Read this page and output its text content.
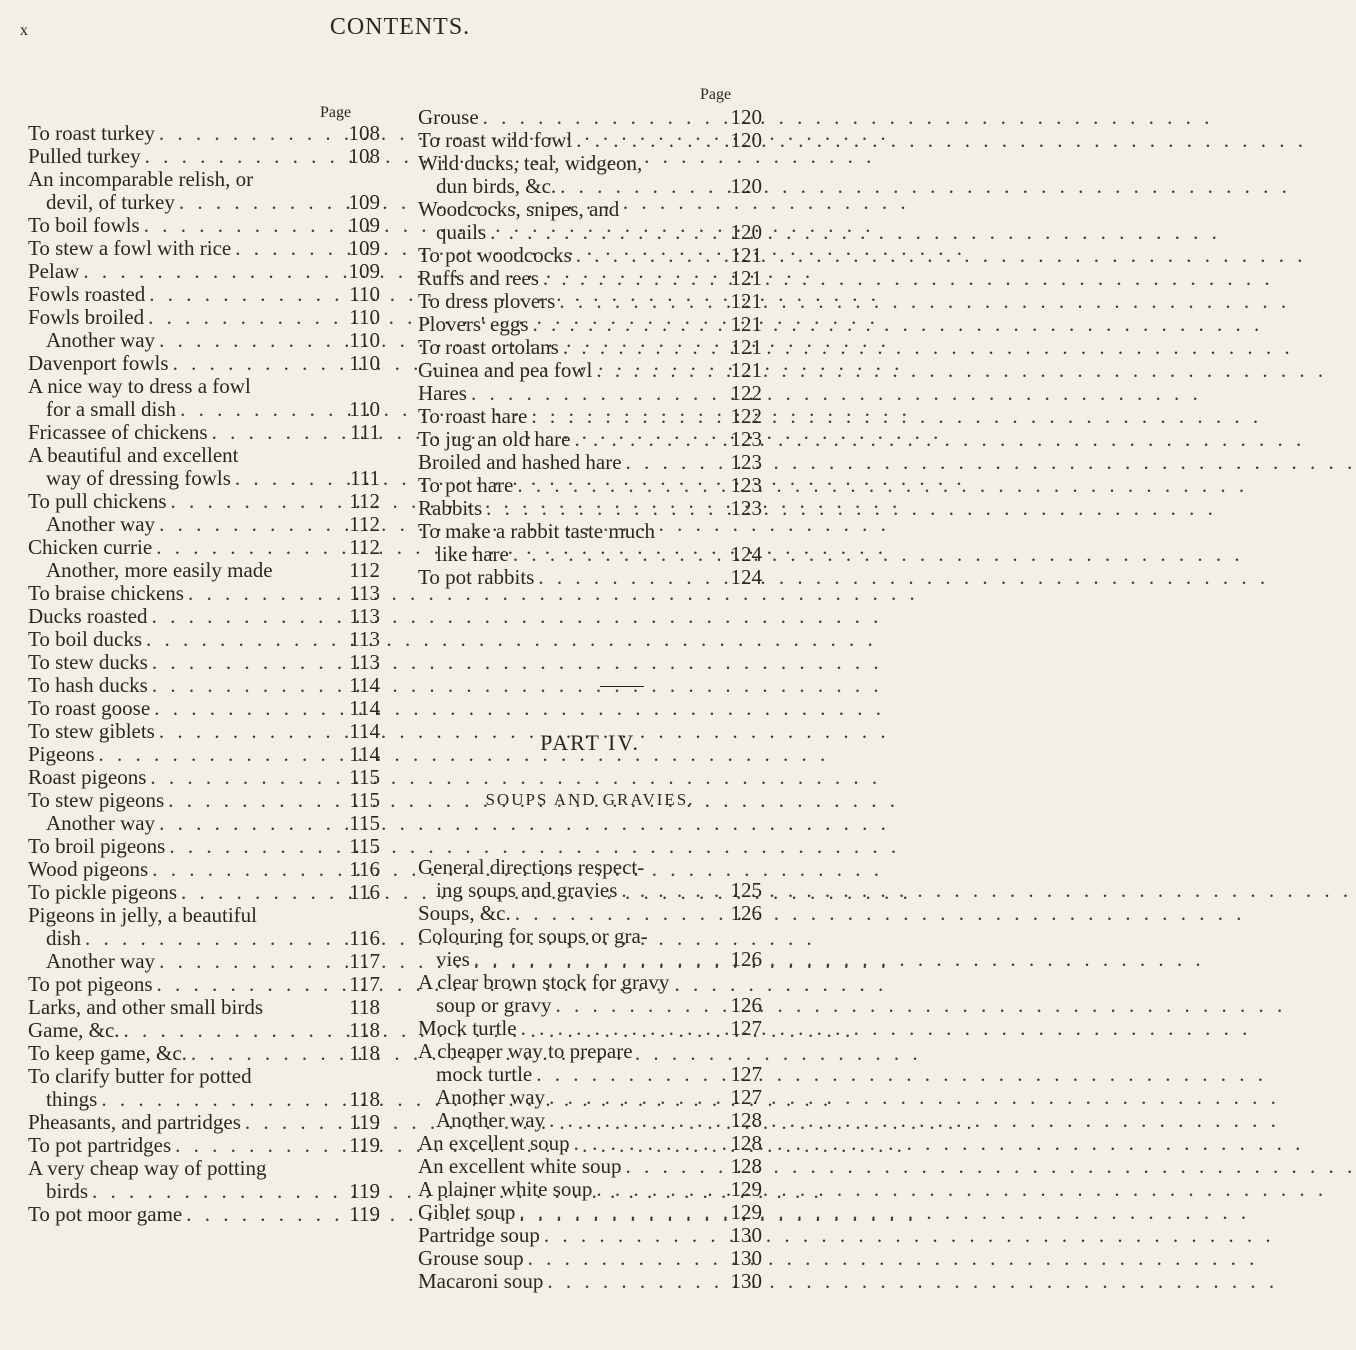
x	CONTENTS.
Page
To roast turkey . . .	108
Pulled turkey . . .	108
An incomparable relish, or
devil, of turkey . . .	109
To boil fowls . . .	109
To stew a fowl with rice . . .	109
Pelaw . . .	109
Fowls roasted . . .	110
Fowls broiled . . .	110
Another way . . .	110
Davenport fowls . . .	110
A nice way to dress a fowl
for a small dish . . .	110
Fricassee of chickens . . .	111
A beautiful and excellent
way of dressing fowls . . .	111
To pull chickens . . .	112
Another way . . .	112
Chicken currie . . .	112
Another, more easily made	112
To braise chickens . . .	113
Ducks roasted . . .	113
To boil ducks . . .	113
To stew ducks . . .	113
To hash ducks . . .	114
To roast goose . . .	114
To stew giblets . . .	114
Pigeons . . .	114
Roast pigeons . . .	115
To stew pigeons . . .	115
Another way . . .	115
To broil pigeons . . .	115
Wood pigeons . . .	116
To pickle pigeons . . .	116
Pigeons in jelly, a beautiful
dish . . .	116
Another way . . .	117
To pot pigeons . . .	117
Larks, and other small birds	118
Game, &c. . . .	118
To keep game, &c. . . .	118
To clarify butter for potted
things . . .	118
Pheasants, and partridges . . .	119
To pot partridges . . .	119
A very cheap way of potting
birds . . .	119
To pot moor game . . .	119
Page
Grouse . . .	120
To roast wild fowl . . .	120
Wild ducks, teal, widgeon,
dun birds, &c. . . .	120
Woodcocks, snipes, and
quails . . .	120
To pot woodcocks . . .	121
Ruffs and rees . . .	121
To dress plovers . . .	121
Plovers' eggs . . .	121
To roast ortolans . . .	121
Guinea and pea fowl . . .	121
Hares . . .	122
To roast hare . . .	122
To jug an old hare . . .	123
Broiled and hashed hare . . .	123
To pot hare . . .	123
Rabbits . . .	123
To make a rabbit taste much
like hare . . .	124
To pot rabbits . . .	124
PART IV.
SOUPS AND GRAVIES.
General directions respect-
ing soups and gravies . . .	125
Soups, &c. . . .	126
Colouring for soups or gra-
vies . . .	126
A clear brown stock for gravy
soup or gravy . . .	126
Mock turtle . . .	127
A cheaper way to prepare
mock turtle . . .	127
Another way . . .	127
Another way . . .	128
An excellent soup . . .	128
An excellent white soup . . .	128
A plainer white soup . . .	129
Giblet soup . . .	129
Partridge soup . . .	130
Grouse soup . . .	130
Macaroni soup . . .	130
